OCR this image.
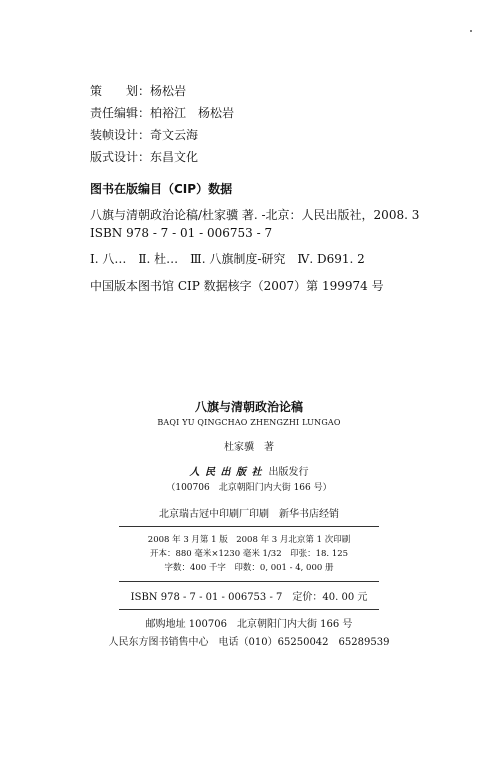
策　　划：杨松岩
责任编辑：柏裕江　杨松岩
装帧设计：奇文云海
版式设计：东昌文化
图书在版编目（CIP）数据
八旗与清朝政治论稿/杜家骥 著. -北京：人民出版社，2008. 3
ISBN 978 - 7 - 01 - 006753 - 7
Ⅰ. 八…　Ⅱ. 杜…　Ⅲ. 八旗制度-研究　Ⅳ. D691. 2
中国版本图书馆 CIP 数据核字（2007）第 199974 号
八旗与清朝政治论稿
BAQI YU QINGCHAO ZHENGZHI LUNGAO
杜家骥　著
人 民 出 版 社 出版发行
（100706　北京朝阳门内大街 166 号）
北京瑞古冠中印刷厂印刷　新华书店经销
2008 年 3 月第 1 版　2008 年 3 月北京第 1 次印刷
开本：880 毫米×1230 毫米 1/32　印张：18. 125
字数：400 千字　印数：0, 001 - 4, 000 册
ISBN 978 - 7 - 01 - 006753 - 7　定价：40. 00 元
邮购地址 100706　北京朝阳门内大街 166 号
人民东方图书销售中心　电话（010）65250042　65289539
